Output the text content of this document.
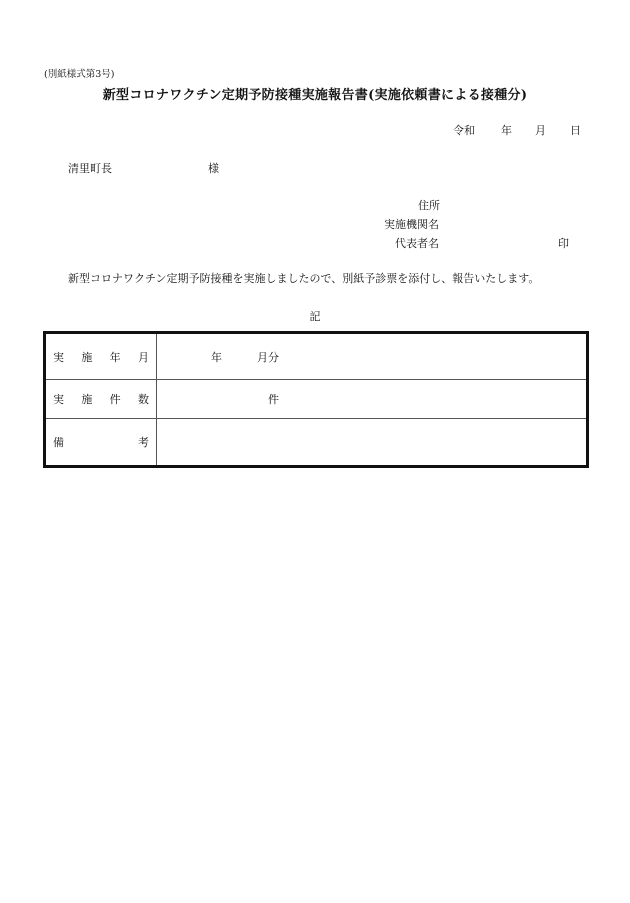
(別紙様式第3号)
新型コロナワクチン定期予防接種実施報告書(実施依頼書による接種分)
令和 年 月 日
清里町長	様
住所
実施機関名
代表者名	印
新型コロナワクチン定期予防接種を実施しましたので、別紙予診票を添付し、報告いたします。
記
実 施 年 月	年 月分

実 施 件 数	件

備 考	
